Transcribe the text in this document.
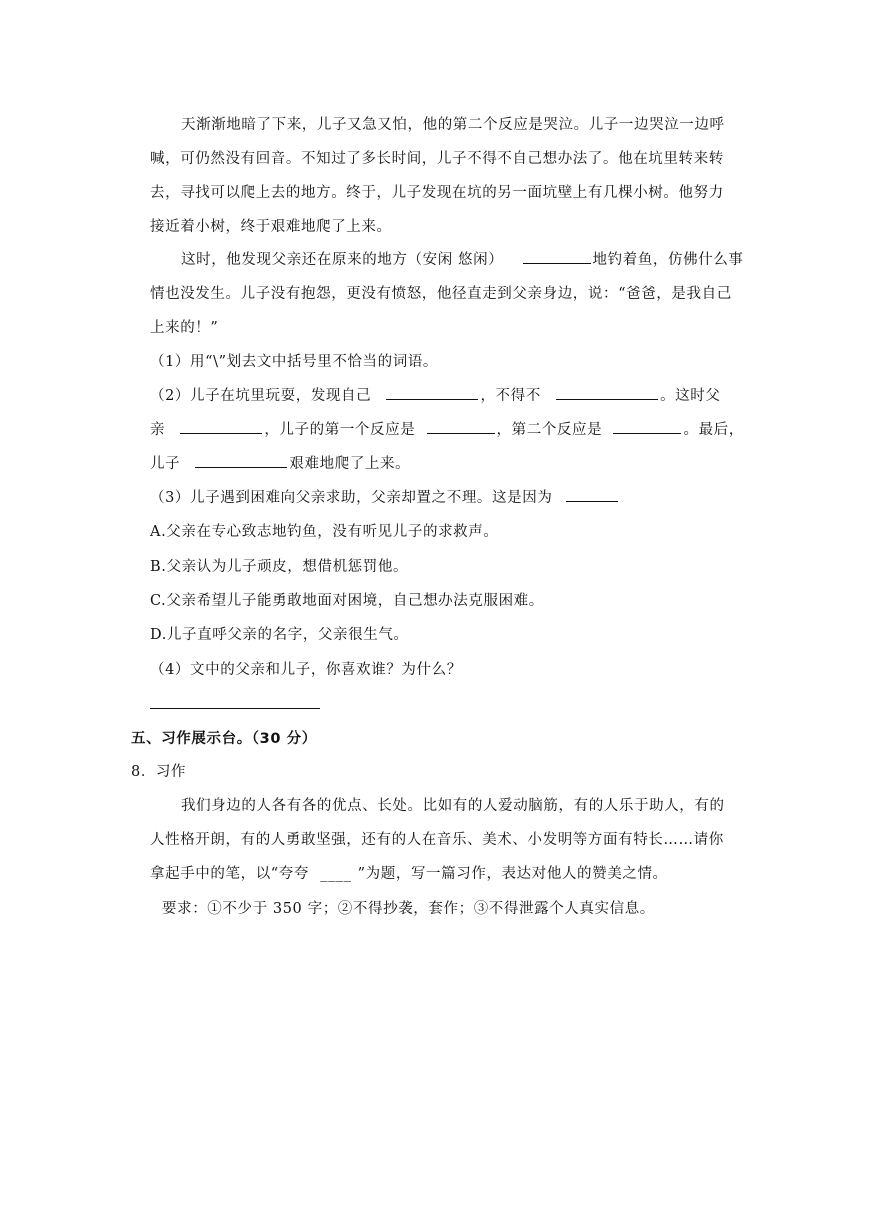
天渐渐地暗了下来，儿子又急又怕，他的第二个反应是哭泣。儿子一边哭泣一边呼
喊，可仍然没有回音。不知过了多长时间，儿子不得不自己想办法了。他在坑里转来转
去，寻找可以爬上去的地方。终于，儿子发现在坑的另一面坑壁上有几棵小树。他努力
接近着小树，终于艰难地爬了上来。
这时，他发现父亲还在原来的地方（安闲 悠闲）	地钓着鱼，仿佛什么事
情也没发生。儿子没有抱怨，更没有愤怒，他径直走到父亲身边，说：“爸爸，是我自己
上来的！”
（1）用“\”划去文中括号里不恰当的词语。
（2）儿子在坑里玩耍，发现自己	，不得不	。这时父
亲	，儿子的第一个反应是	，第二个反应是	。最后，
儿子	艰难地爬了上来。
（3）儿子遇到困难向父亲求助，父亲却置之不理。这是因为
A.父亲在专心致志地钓鱼，没有听见儿子的求救声。
B.父亲认为儿子顽皮，想借机惩罚他。
C.父亲希望儿子能勇敢地面对困境，自己想办法克服困难。
D.儿子直呼父亲的名字，父亲很生气。
（4）文中的父亲和儿子，你喜欢谁？为什么？
五、习作展示台。（30 分）
8．习作
我们身边的人各有各的优点、长处。比如有的人爱动脑筋，有的人乐于助人，有的
人性格开朗，有的人勇敢坚强，还有的人在音乐、美术、小发明等方面有特长……请你
拿起手中的笔，以“夸夸 ____ ”为题，写一篇习作，表达对他人的赞美之情。
要求：①不少于 350 字；②不得抄袭，套作；③不得泄露个人真实信息。
